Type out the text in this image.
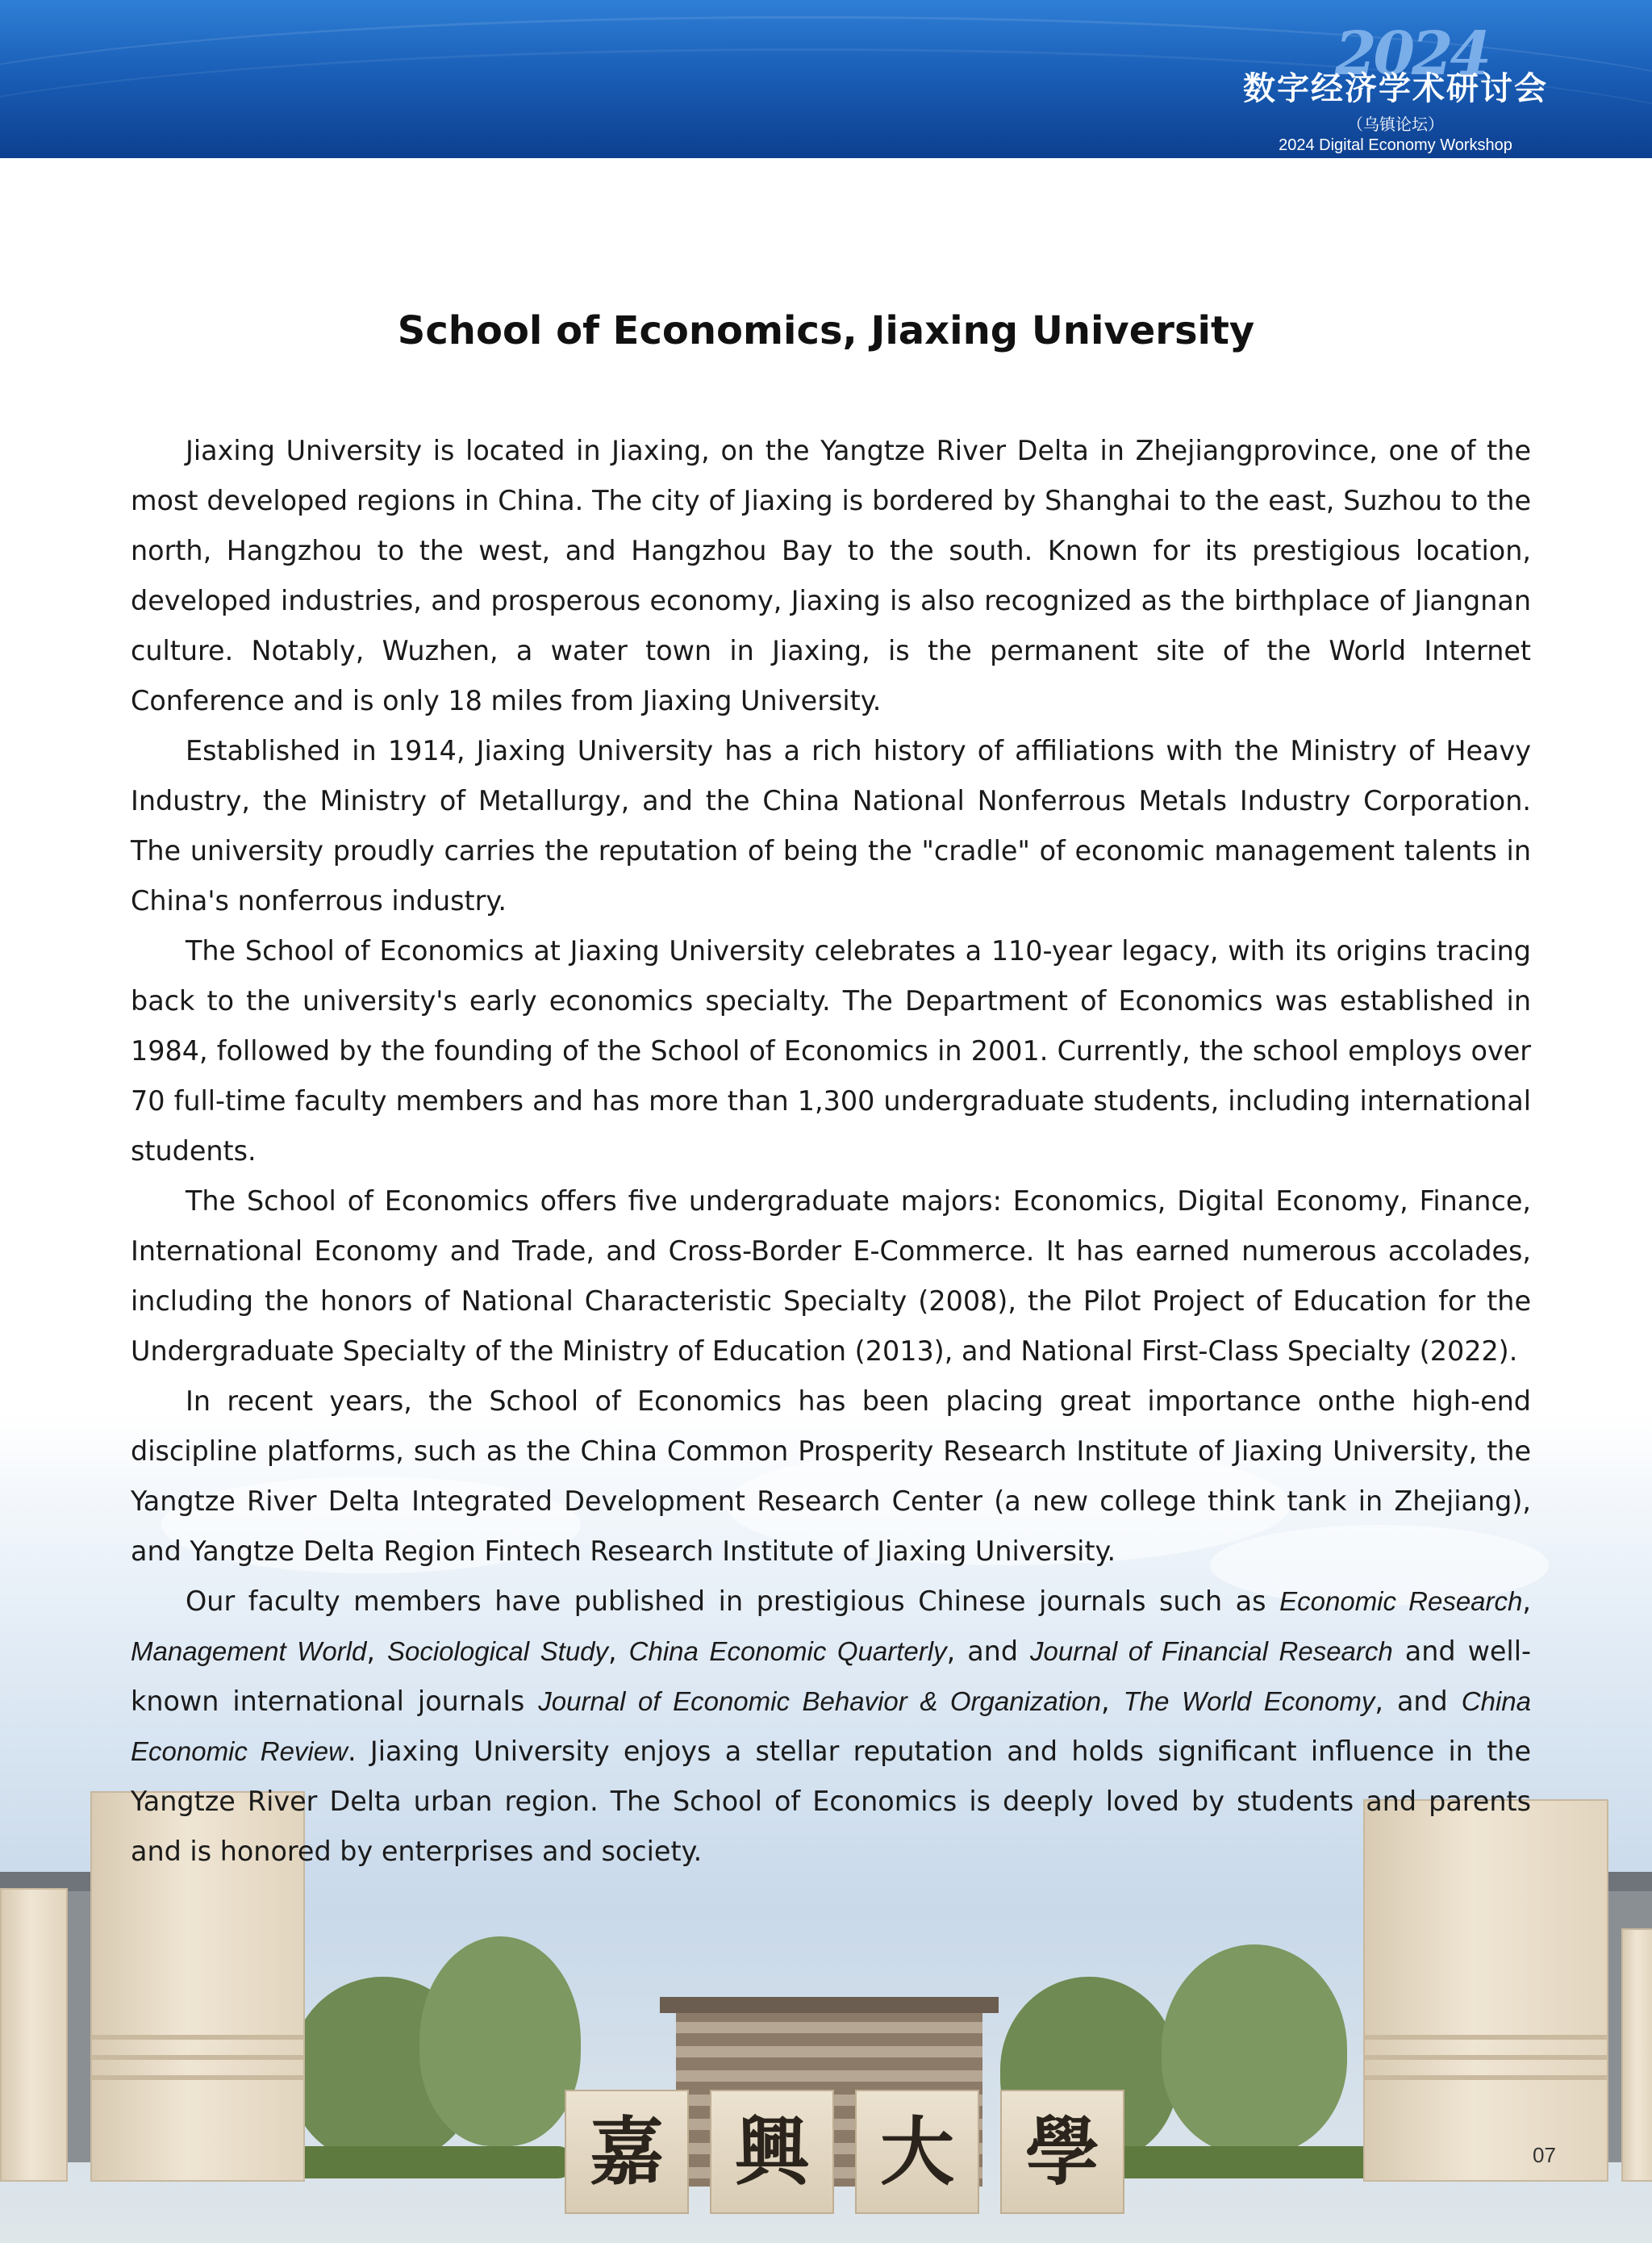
2024
数字经济学术研讨会
（乌镇论坛）
2024 Digital Economy Workshop
嘉 興 大 學
School of Economics, Jiaxing University

Jiaxing University is located in Jiaxing, on the Yangtze River Delta in Zhejiangprovince, one of the most developed regions in China. The city of Jiaxing is bordered by Shanghai to the east, Suzhou to the north, Hangzhou to the west, and Hangzhou Bay to the south. Known for its prestigious location, developed industries, and prosperous economy, Jiaxing is also recognized as the birthplace of Jiangnan culture. Notably, Wuzhen, a water town in Jiaxing, is the permanent site of the World Internet Conference and is only 18 miles from Jiaxing University.

Established in 1914, Jiaxing University has a rich history of affiliations with the Ministry of Heavy Industry, the Ministry of Metallurgy, and the China National Nonferrous Metals Industry Corporation. The university proudly carries the reputation of being the "cradle" of economic management talents in China's nonferrous industry.

The School of Economics at Jiaxing University celebrates a 110-year legacy, with its origins tracing back to the university's early economics specialty. The Department of Economics was established in 1984, followed by the founding of the School of Economics in 2001. Currently, the school employs over 70 full-time faculty members and has more than 1,300 undergraduate students, including international students.

The School of Economics offers five undergraduate majors: Economics, Digital Economy, Finance, International Economy and Trade, and Cross-Border E-Commerce. It has earned numerous accolades, including the honors of National Characteristic Specialty (2008), the Pilot Project of Education for the Undergraduate Specialty of the Ministry of Education (2013), and National First-Class Specialty (2022).

In recent years, the School of Economics has been placing great importance onthe high-end discipline platforms, such as the China Common Prosperity Research Institute of Jiaxing University, the Yangtze River Delta Integrated Development Research Center (a new college think tank in Zhejiang), and Yangtze Delta Region Fintech Research Institute of Jiaxing University.

Our faculty members have published in prestigious Chinese journals such as Economic Research, Management World, Sociological Study, China Economic Quarterly, and Journal of Financial Research and well-known international journals Journal of Economic Behavior & Organization, The World Economy, and China Economic Review. Jiaxing University enjoys a stellar reputation and holds significant influence in the Yangtze River Delta urban region. The School of Economics is deeply loved by students and parents and is honored by enterprises and society.

07
